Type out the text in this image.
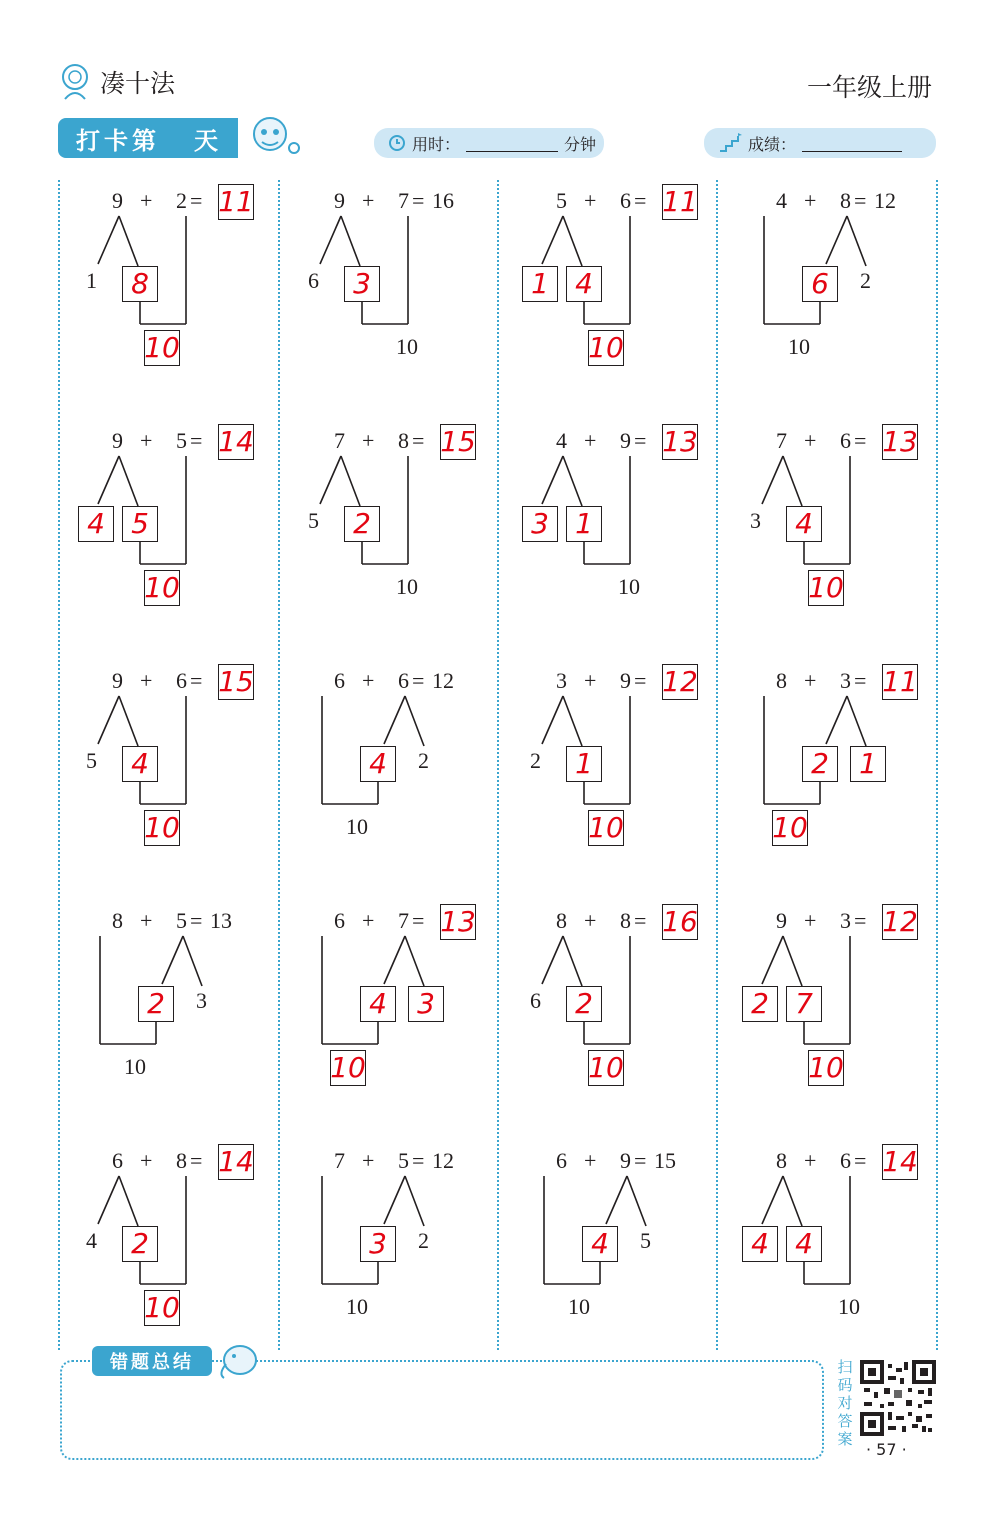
凑十法	一年级上册
打卡第 天	用时：	分钟	成绩：
9 + 2 = 11
1	8
10
9 + 7 = 16
6	3
10
5 + 6 = 11
1 4
10
4 + 8 = 12
6	2
10
9 + 5 = 14
4 5
10
7 + 8 = 15
5	2
10
4 + 9 = 13
3 1
10
7 + 6 = 13
3	4
10
9 + 6 = 15
5	4
10
6 + 6 = 12
4	2
10
3 + 9 = 12
2	1
10
8 + 3 = 11
2	1
10
8 + 5 = 13
2	3
10
6 + 7 = 13
4	3
10
8 + 8 = 16
6	2
10
9 + 3 = 12
2 7
10
6 + 8 = 14
4	2
10
7 + 5 = 12
3	2
10
6 + 9 = 15
4	5
10
8 + 6 = 14
4 4
10
错题总结	扫码对答案
· 57 ·
